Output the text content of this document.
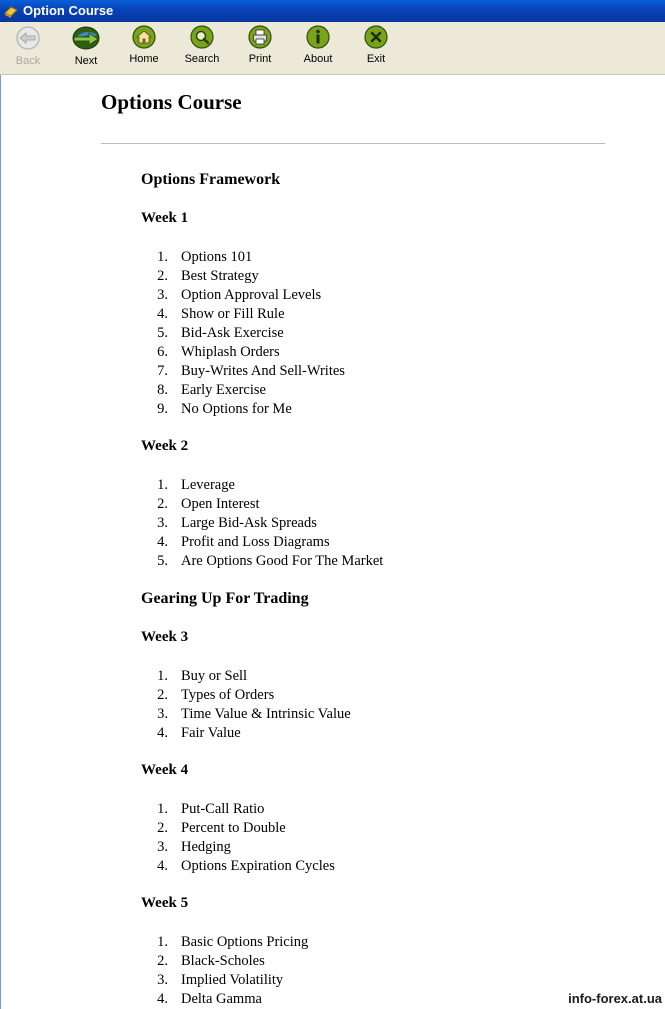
Option Course
Back	Next	Home	Search	Print	About	Exit
Options Course
Options Framework
Week 1
1. Options 101
2. Best Strategy
3. Option Approval Levels
4. Show or Fill Rule
5. Bid-Ask Exercise
6. Whiplash Orders
7. Buy-Writes And Sell-Writes
8. Early Exercise
9. No Options for Me
Week 2
1. Leverage
2. Open Interest
3. Large Bid-Ask Spreads
4. Profit and Loss Diagrams
5. Are Options Good For The Market
Gearing Up For Trading
Week 3
1. Buy or Sell
2. Types of Orders
3. Time Value & Intrinsic Value
4. Fair Value
Week 4
1. Put-Call Ratio
2. Percent to Double
3. Hedging
4. Options Expiration Cycles
Week 5
1. Basic Options Pricing
2. Black-Scholes
3. Implied Volatility
4. Delta Gamma	info-forex.at.ua
